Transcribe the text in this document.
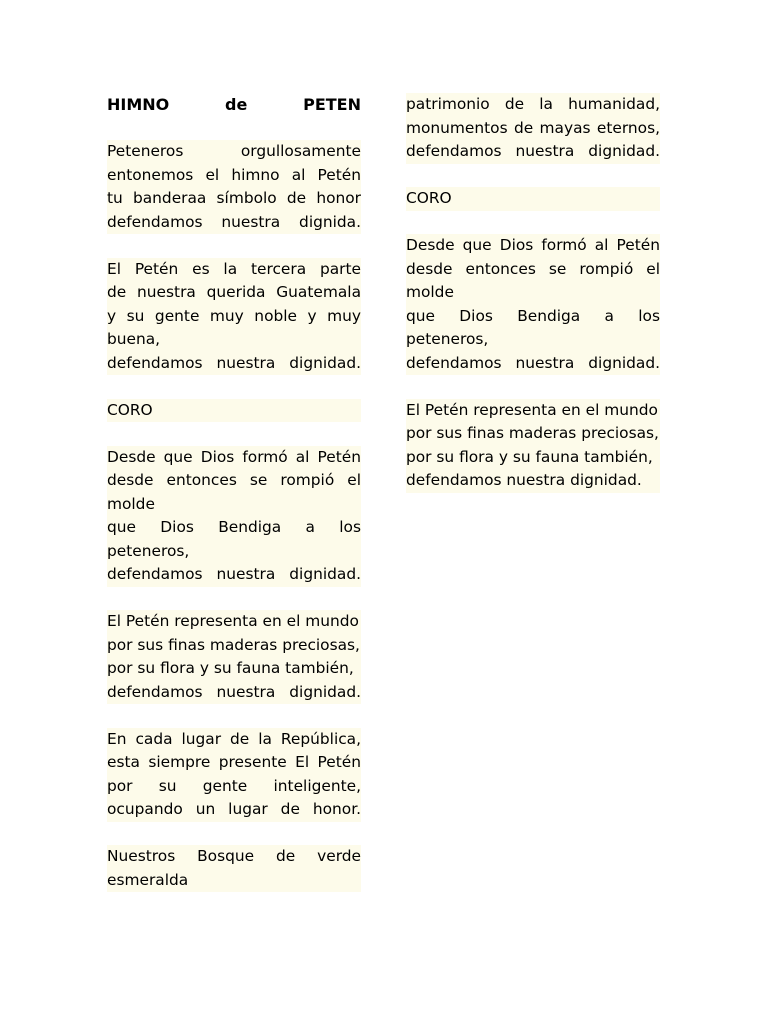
HIMNO de PETEN
Peteneros orgullosamente
entonemos el himno al Petén
tu banderaa símbolo de honor
defendamos nuestra dignida.
El Petén es la tercera parte
de nuestra querida Guatemala
y su gente muy noble y muy
buena,
defendamos nuestra dignidad.
CORO
Desde que Dios formó al Petén
desde entonces se rompió el
molde
que Dios Bendiga a los
peteneros,
defendamos nuestra dignidad.
El Petén representa en el mundo
por sus finas maderas preciosas,
por su flora y su fauna también,
defendamos nuestra dignidad.
En cada lugar de la República,
esta siempre presente El Petén
por su gente inteligente,
ocupando un lugar de honor.
Nuestros Bosque de verde
esmeralda
patrimonio de la humanidad,
monumentos de mayas eternos,
defendamos nuestra dignidad.
CORO
Desde que Dios formó al Petén
desde entonces se rompió el
molde
que Dios Bendiga a los
peteneros,
defendamos nuestra dignidad.
El Petén representa en el mundo
por sus finas maderas preciosas,
por su flora y su fauna también,
defendamos nuestra dignidad.
